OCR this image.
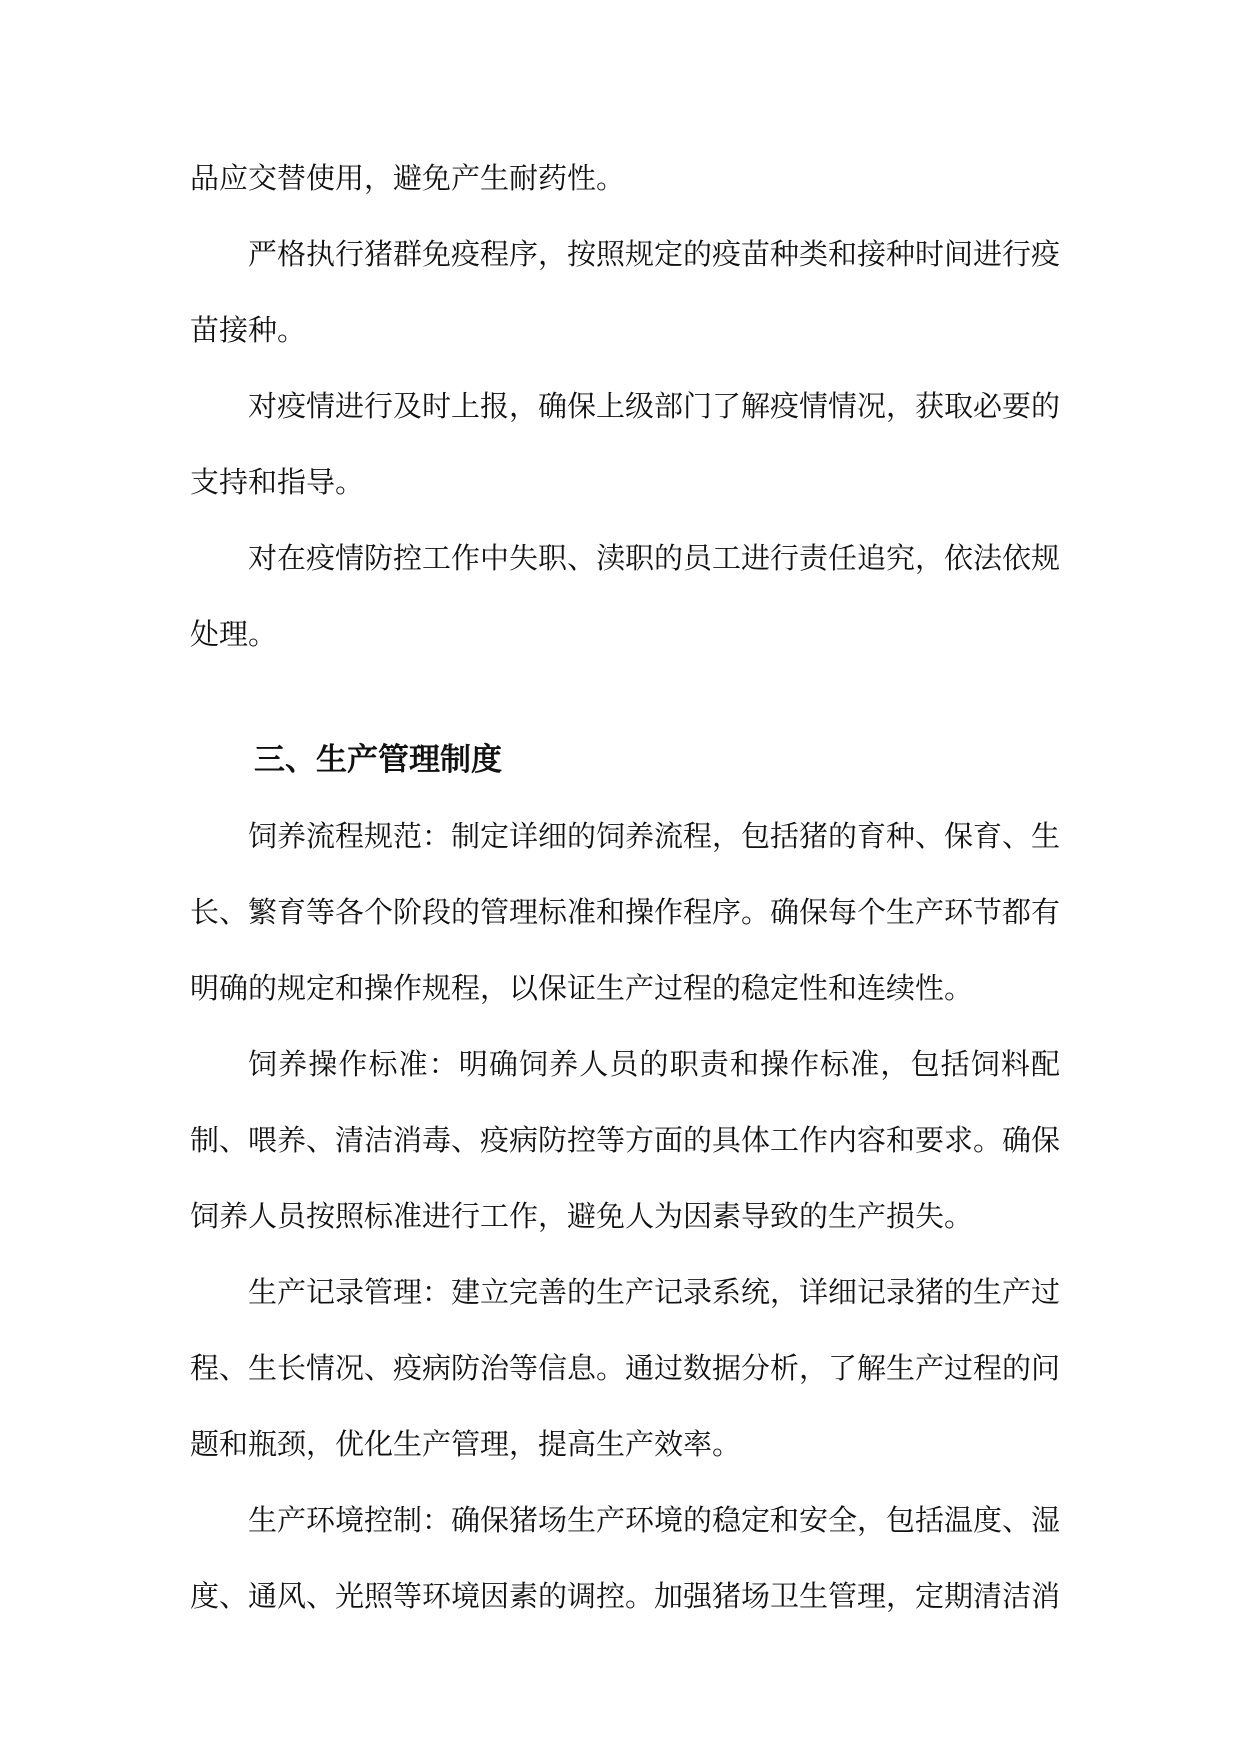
品应交替使用，避免产生耐药性。

严格执行猪群免疫程序，按照规定的疫苗种类和接种时间进行疫苗接种。

对疫情进行及时上报，确保上级部门了解疫情情况，获取必要的支持和指导。

对在疫情防控工作中失职、渎职的员工进行责任追究，依法依规处理。

三、生产管理制度

饲养流程规范：制定详细的饲养流程，包括猪的育种、保育、生长、繁育等各个阶段的管理标准和操作程序。确保每个生产环节都有明确的规定和操作规程，以保证生产过程的稳定性和连续性。

饲养操作标准：明确饲养人员的职责和操作标准，包括饲料配制、喂养、清洁消毒、疫病防控等方面的具体工作内容和要求。确保饲养人员按照标准进行工作，避免人为因素导致的生产损失。

生产记录管理：建立完善的生产记录系统，详细记录猪的生产过程、生长情况、疫病防治等信息。通过数据分析，了解生产过程的问题和瓶颈，优化生产管理，提高生产效率。

生产环境控制：确保猪场生产环境的稳定和安全，包括温度、湿度、通风、光照等环境因素的调控。加强猪场卫生管理，定期清洁消
